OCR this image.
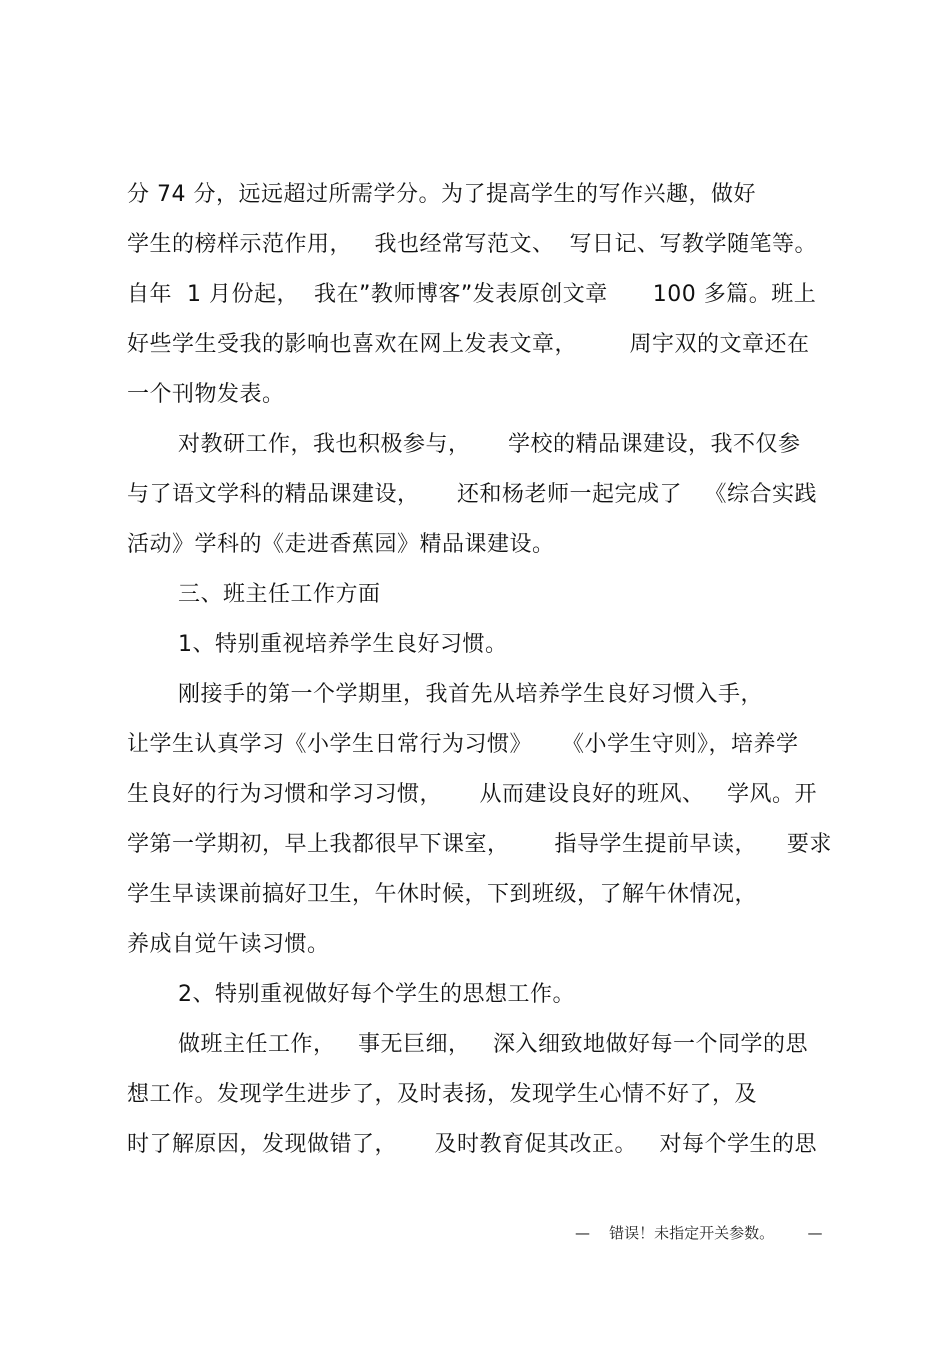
分 74 分，远远超过所需学分。为了提高学生的写作兴趣，做好
学生的榜样示范作用，   我也经常写范文、  写日记、写教学随笔等。
自年  1 月份起，  我在”教师博客”发表原创文章      100 多篇。班上
好些学生受我的影响也喜欢在网上发表文章，       周宇双的文章还在
一个刊物发表。
对教研工作，我也积极参与，     学校的精品课建设，我不仅参
与了语文学科的精品课建设，     还和杨老师一起完成了   《综合实践
活动》学科的《走进香蕉园》精品课建设。
三、班主任工作方面
1、特别重视培养学生良好习惯。
刚接手的第一个学期里，我首先从培养学生良好习惯入手，
让学生认真学习《小学生日常行为习惯》    《小学生守则》，培养学
生良好的行为习惯和学习习惯，     从而建设良好的班风、   学风。开
学第一学期初，早上我都很早下课室，      指导学生提前早读，    要求
学生早读课前搞好卫生，午休时候，下到班级，了解午休情况，
养成自觉午读习惯。
2、特别重视做好每个学生的思想工作。
做班主任工作，   事无巨细，   深入细致地做好每一个同学的思
想工作。发现学生进步了，及时表扬，发现学生心情不好了，及
时了解原因，发现做错了，     及时教育促其改正。   对每个学生的思
—    错误！未指定开关参数。       —
